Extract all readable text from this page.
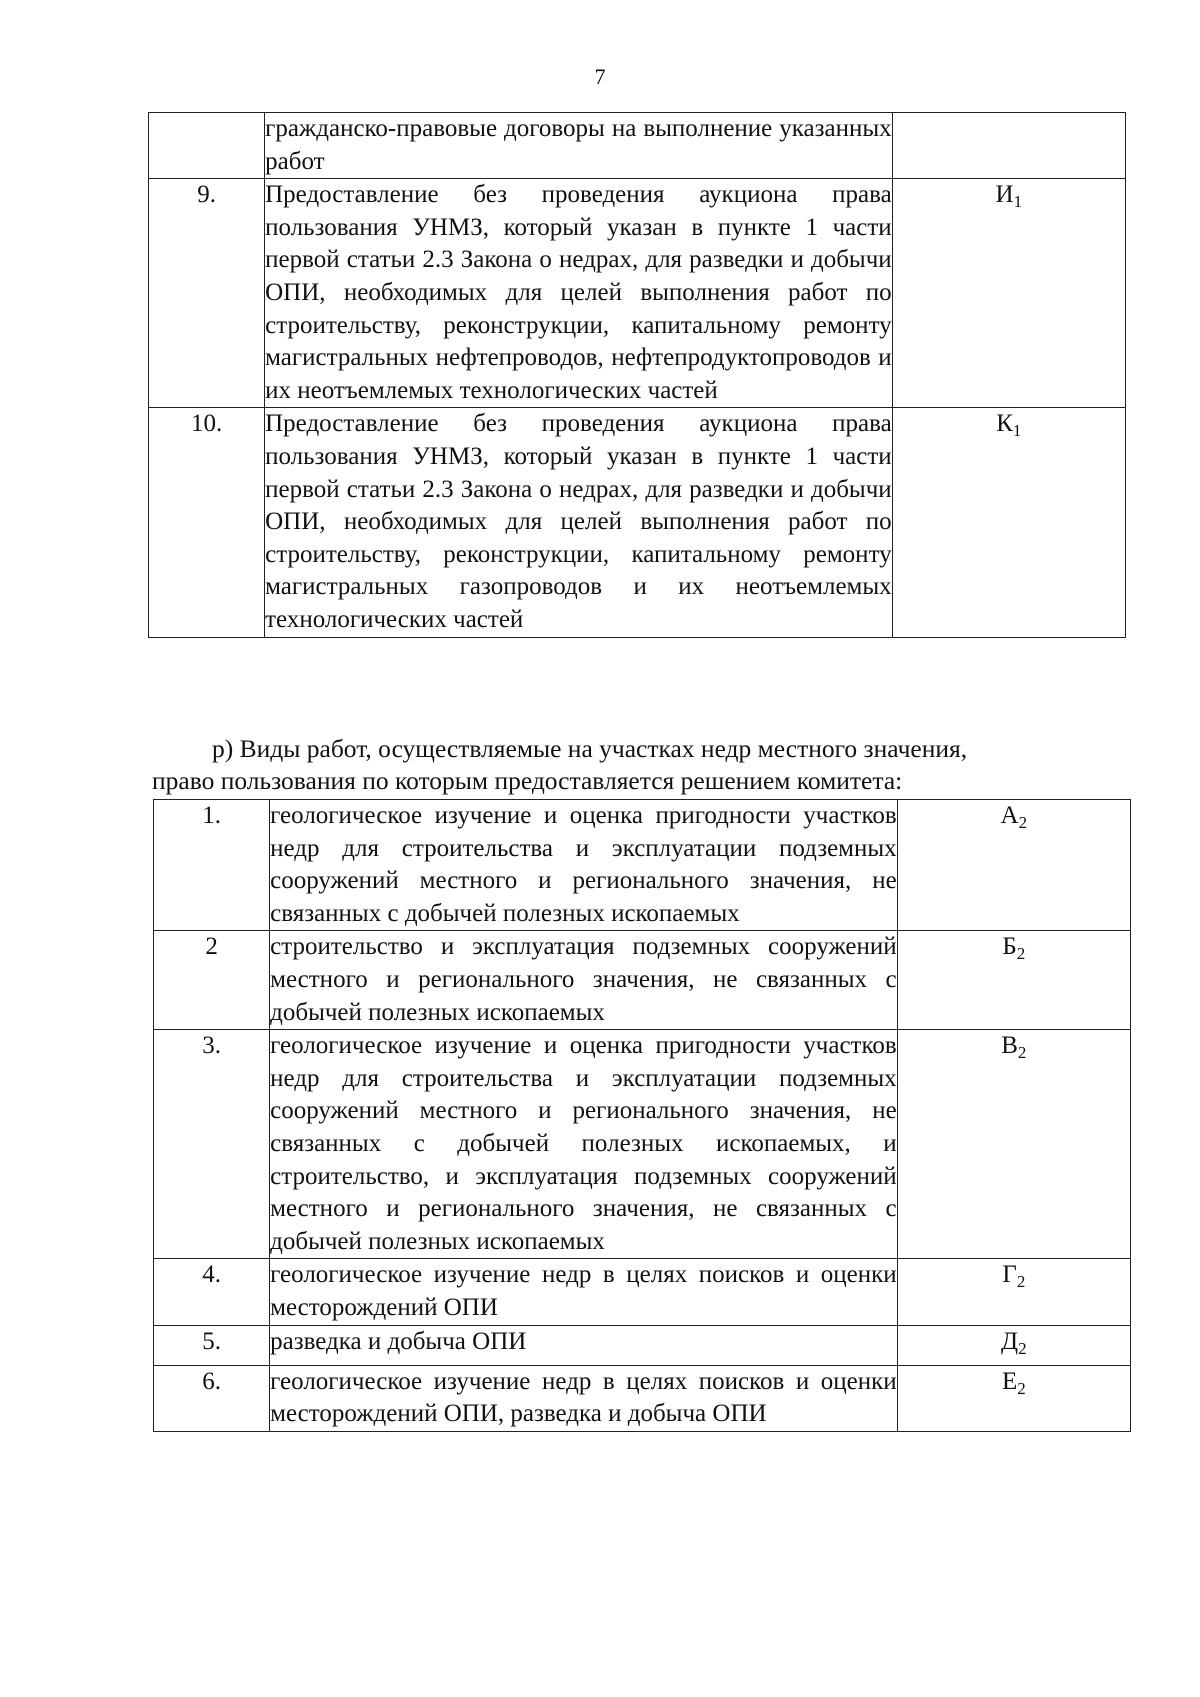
7

	гражданско-правовые договоры на выполнение указанных работ	

9.	Предоставление без проведения аукциона права пользования УНМЗ, который указан в пункте 1 части первой статьи 2.3 Закона о недрах, для разведки и добычи ОПИ, необходимых для целей выполнения работ по строительству, реконструкции, капитальному ремонту магистральных нефтепроводов, нефтепродуктопроводов и их неотъемлемых технологических частей	$И_1$
10.	Предоставление без проведения аукциона права пользования УНМЗ, который указан в пункте 1 части первой статьи 2.3 Закона о недрах, для разведки и добычи ОПИ, необходимых для целей выполнения работ по строительству, реконструкции, капитальному ремонту магистральных газопроводов и их неотъемлемых технологических частей	$К_1$
р) Виды работ, осуществляемые на участках недр местного значения,
право пользования по которым предоставляется решением комитета:
1.	геологическое изучение и оценка пригодности участков недр для строительства и эксплуатации подземных сооружений местного и регионального значения, не связанных с добычей полезных ископаемых	$А_2$
2	строительство и эксплуатация подземных сооружений местного и регионального значения, не связанных с добычей полезных ископаемых	$Б_2$
3.	геологическое изучение и оценка пригодности участков недр для строительства и эксплуатации подземных сооружений местного и регионального значения, не связанных с добычей полезных ископаемых, и строительство, и эксплуатация подземных сооружений местного и регионального значения, не связанных с добычей полезных ископаемых	$В_2$
4.	геологическое изучение недр в целях поисков и оценки месторождений ОПИ	$Г_2$
5.	разведка и добыча ОПИ	$Д_2$
6.	геологическое изучение недр в целях поисков и оценки месторождений ОПИ, разведка и добыча ОПИ	$Е_2$
